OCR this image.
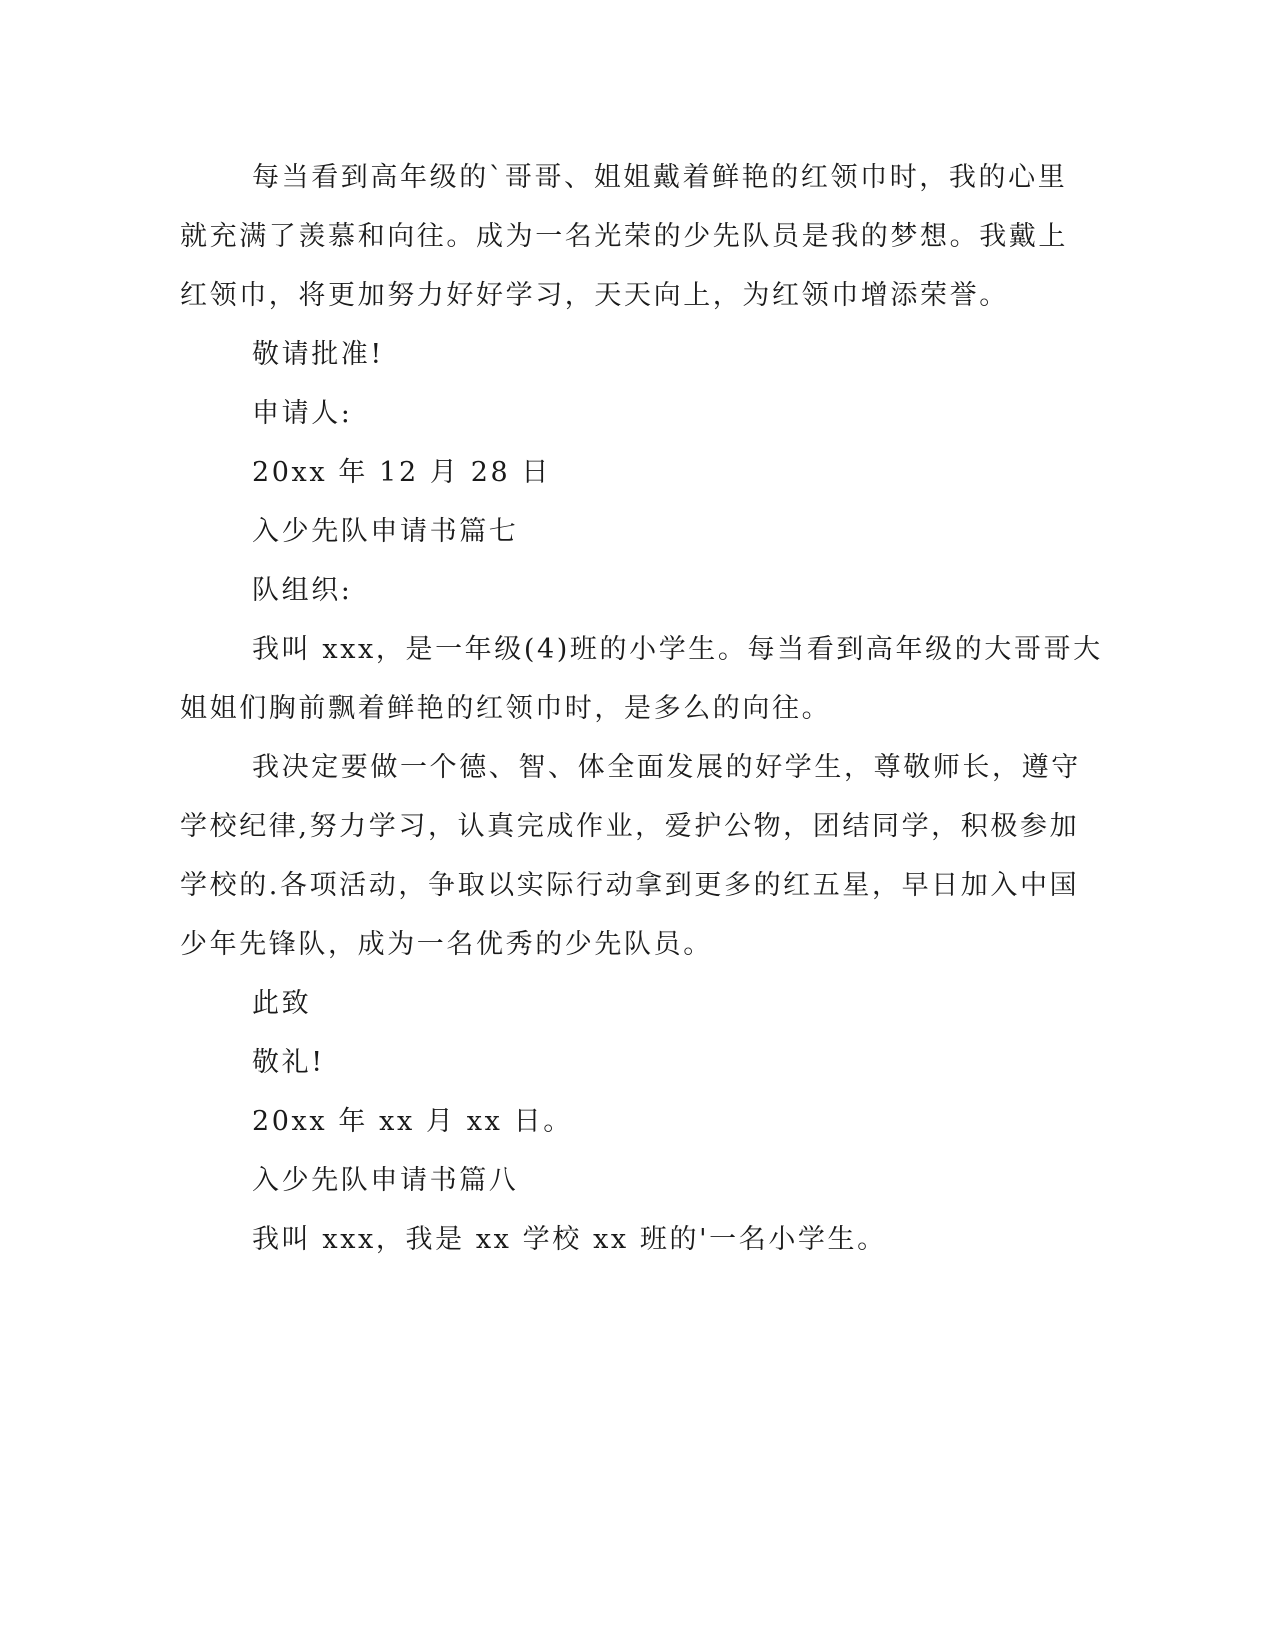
每当看到高年级的`哥哥、姐姐戴着鲜艳的红领巾时，我的心里
就充满了羡慕和向往。成为一名光荣的少先队员是我的梦想。我戴上
红领巾，将更加努力好好学习，天天向上，为红领巾增添荣誉。
敬请批准!
申请人:
20xx 年 12 月 28 日
入少先队申请书篇七
队组织:
我叫 xxx，是一年级(4)班的小学生。每当看到高年级的大哥哥大
姐姐们胸前飘着鲜艳的红领巾时，是多么的向往。
我决定要做一个德、智、体全面发展的好学生，尊敬师长，遵守
学校纪律,努力学习，认真完成作业，爱护公物，团结同学，积极参加
学校的.各项活动，争取以实际行动拿到更多的红五星，早日加入中国
少年先锋队，成为一名优秀的少先队员。
此致
敬礼!
20xx 年 xx 月 xx 日。
入少先队申请书篇八
我叫 xxx，我是 xx 学校 xx 班的'一名小学生。
